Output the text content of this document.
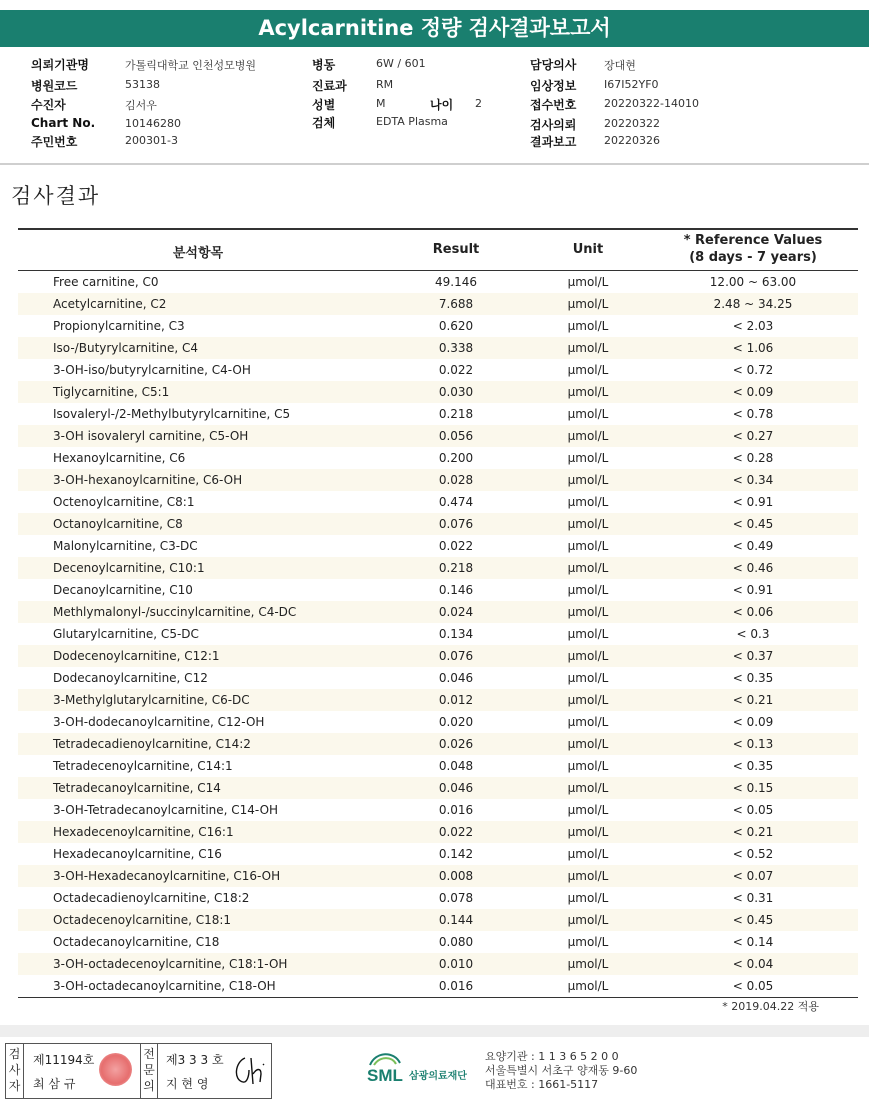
Acylcarnitine 정량 검사결과보고서
의뢰기관명	가톨릭대학교 인천성모병원
병원코드	53138
수진자	김서우
Chart No.	10146280
주민번호	200301-3
병동	6W / 601
진료과	RM
성별	M	나이 2
검체	EDTA Plasma
담당의사	장대현
임상정보	I67I52YF0
접수번호	20220322-14010
검사의뢰	20220322
결과보고	20220326
검사결과
분석항목	Result	Unit
* Reference Values
(8 days - 7 years)
Free carnitine, C0	49.146	µmol/L	12.00 ~ 63.00
Acetylcarnitine, C2	7.688	µmol/L	2.48 ~ 34.25
Propionylcarnitine, C3	0.620	µmol/L	< 2.03
Iso-/Butyrylcarnitine, C4	0.338	µmol/L	< 1.06
3-OH-iso/butyrylcarnitine, C4-OH	0.022	µmol/L	< 0.72
Tiglycarnitine, C5:1	0.030	µmol/L	< 0.09
Isovaleryl-/2-Methylbutyrylcarnitine, C5	0.218	µmol/L	< 0.78
3-OH isovaleryl carnitine, C5-OH	0.056	µmol/L	< 0.27
Hexanoylcarnitine, C6	0.200	µmol/L	< 0.28
3-OH-hexanoylcarnitine, C6-OH	0.028	µmol/L	< 0.34
Octenoylcarnitine, C8:1	0.474	µmol/L	< 0.91
Octanoylcarnitine, C8	0.076	µmol/L	< 0.45
Malonylcarnitine, C3-DC	0.022	µmol/L	< 0.49
Decenoylcarnitine, C10:1	0.218	µmol/L	< 0.46
Decanoylcarnitine, C10	0.146	µmol/L	< 0.91
Methlymalonyl-/succinylcarnitine, C4-DC	0.024	µmol/L	< 0.06
Glutarylcarnitine, C5-DC	0.134	µmol/L	< 0.3
Dodecenoylcarnitine, C12:1	0.076	µmol/L	< 0.37
Dodecanoylcarnitine, C12	0.046	µmol/L	< 0.35
3-Methylglutarylcarnitine, C6-DC	0.012	µmol/L	< 0.21
3-OH-dodecanoylcarnitine, C12-OH	0.020	µmol/L	< 0.09
Tetradecadienoylcarnitine, C14:2	0.026	µmol/L	< 0.13
Tetradecenoylcarnitine, C14:1	0.048	µmol/L	< 0.35
Tetradecanoylcarnitine, C14	0.046	µmol/L	< 0.15
3-OH-Tetradecanoylcarnitine, C14-OH	0.016	µmol/L	< 0.05
Hexadecenoylcarnitine, C16:1	0.022	µmol/L	< 0.21
Hexadecanoylcarnitine, C16	0.142	µmol/L	< 0.52
3-OH-Hexadecanoylcarnitine, C16-OH	0.008	µmol/L	< 0.07
Octadecadienoylcarnitine, C18:2	0.078	µmol/L	< 0.31
Octadecenoylcarnitine, C18:1	0.144	µmol/L	< 0.45
Octadecanoylcarnitine, C18	0.080	µmol/L	< 0.14
3-OH-octadecenoylcarnitine, C18:1-OH	0.010	µmol/L	< 0.04
3-OH-octadecanoylcarnitine, C18-OH	0.016	µmol/L	< 0.05
* 2019.04.22 적용
검
사
자
제11194호
최 삼 규
전
문
의
제3 3 3 호
지 현 영	SML 삼광의료재단
요양기관 : 1 1 3 6 5 2 0 0
서울특별시 서초구 양재동 9-60
대표번호 : 1661-5117
